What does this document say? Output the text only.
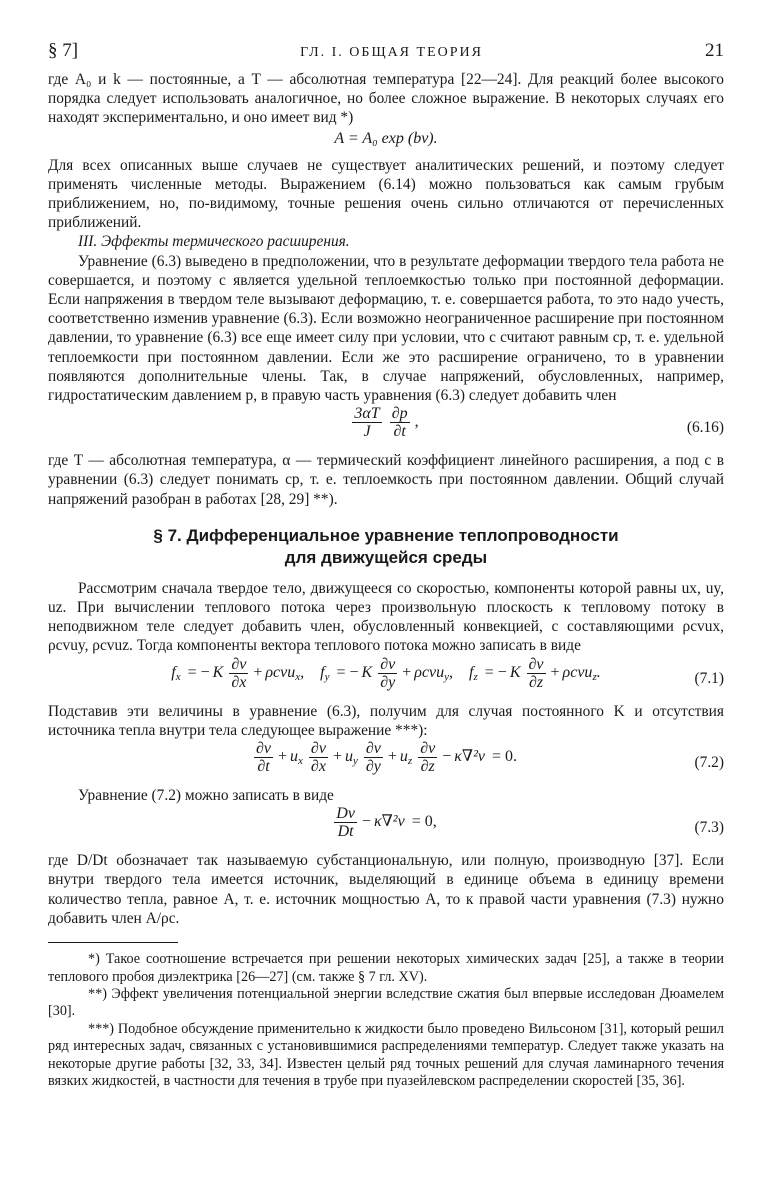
§ 7]	ГЛ. I. ОБЩАЯ ТЕОРИЯ	21

где A₀ и k — постоянные, а T — абсолютная температура [22—24]. Для реакций более высокого порядка следует использовать аналогичное, но более сложное выражение. В некоторых случаях его находят экспериментально, и оно имеет вид *)

A = A₀ exp (bv).

Для всех описанных выше случаев не существует аналитических решений, и поэтому следует применять численные методы. Выражением (6.14) можно пользоваться как самым грубым приближением, но, по-видимому, точные решения очень сильно отличаются от перечисленных приближений.

III. Эффекты термического расширения.

Уравнение (6.3) выведено в предположении, что в результате деформации твердого тела работа не совершается, и поэтому c является удельной теплоемкостью только при постоянной деформации. Если напряжения в твердом теле вызывают деформацию, т. е. совершается работа, то это надо учесть, соответственно изменив уравнение (6.3). Если возможно неограниченное расширение при постоянном давлении, то уравнение (6.3) все еще имеет силу при условии, что c считают равным cp, т. е. удельной теплоемкости при постоянном давлении. Если же это расширение ограничено, то в уравнении появляются дополнительные члены. Так, в случае напряжений, обусловленных, например, гидростатическим давлением p, в правую часть уравнения (6.3) следует добавить член

$\frac{3\alpha T}{J}$
$\frac{\partial p}{\partial t}$ ,	(6.16)

где T — абсолютная температура, α — термический коэффициент линейного расширения, а под c в уравнении (6.3) следует понимать cp, т. е. теплоемкость при постоянном давлении. Общий случай напряжений разобран в работах [28, 29] **).

§ 7. Дифференциальное уравнение теплопроводности
для движущейся среды

Рассмотрим сначала твердое тело, движущееся со скоростью, компоненты которой равны ux, uy, uz. При вычислении теплового потока через произвольную плоскость к тепловому потоку в неподвижном теле следует добавить член, обусловленный конвекцией, с составляющими ρcvux, ρcvuy, ρcvuz. Тогда компоненты вектора теплового потока можно записать в виде

$f_x$ = − K $\frac{\partial v}{\partial x} + \rho cvu_x$,    $f_y$ = − K $\frac{\partial v}{\partial y} + \rho cvu_y$,    $f_z$ = − K $\frac{\partial v}{\partial z} + \rho cvu_z$.	(7.1)

Подставив эти величины в уравнение (6.3), получим для случая постоянного K и отсутствия источника тепла внутри тела следующее выражение ***):

$\frac{\partial v}{\partial t} + u_x \frac{\partial v}{\partial x} + u_y \frac{\partial v}{\partial y} + u_z \frac{\partial v}{\partial z} - \kappa\nabla^2v = 0$.	(7.2)

Уравнение (7.2) можно записать в виде

$\frac{Dv}{Dt} - \kappa\nabla^2v = 0$,	(7.3)

где D/Dt обозначает так называемую субстанциональную, или полную, производную [37]. Если внутри твердого тела имеется источник, выделяющий в единице объема в единицу времени количество тепла, равное A, т. е. источник мощностью A, то к правой части уравнения (7.3) нужно добавить член A/ρc.

*) Такое соотношение встречается при решении некоторых химических задач [25], а также в теории теплового пробоя диэлектрика [26—27] (см. также § 7 гл. XV).

**) Эффект увеличения потенциальной энергии вследствие сжатия был впервые исследован Дюамелем [30].

***) Подобное обсуждение применительно к жидкости было проведено Вильсоном [31], который решил ряд интересных задач, связанных с установившимися распределениями температур. Следует также указать на некоторые другие работы [32, 33, 34]. Известен целый ряд точных решений для случая ламинарного течения вязких жидкостей, в частности для течения в трубе при пуазейлевском распределении скоростей [35, 36].
